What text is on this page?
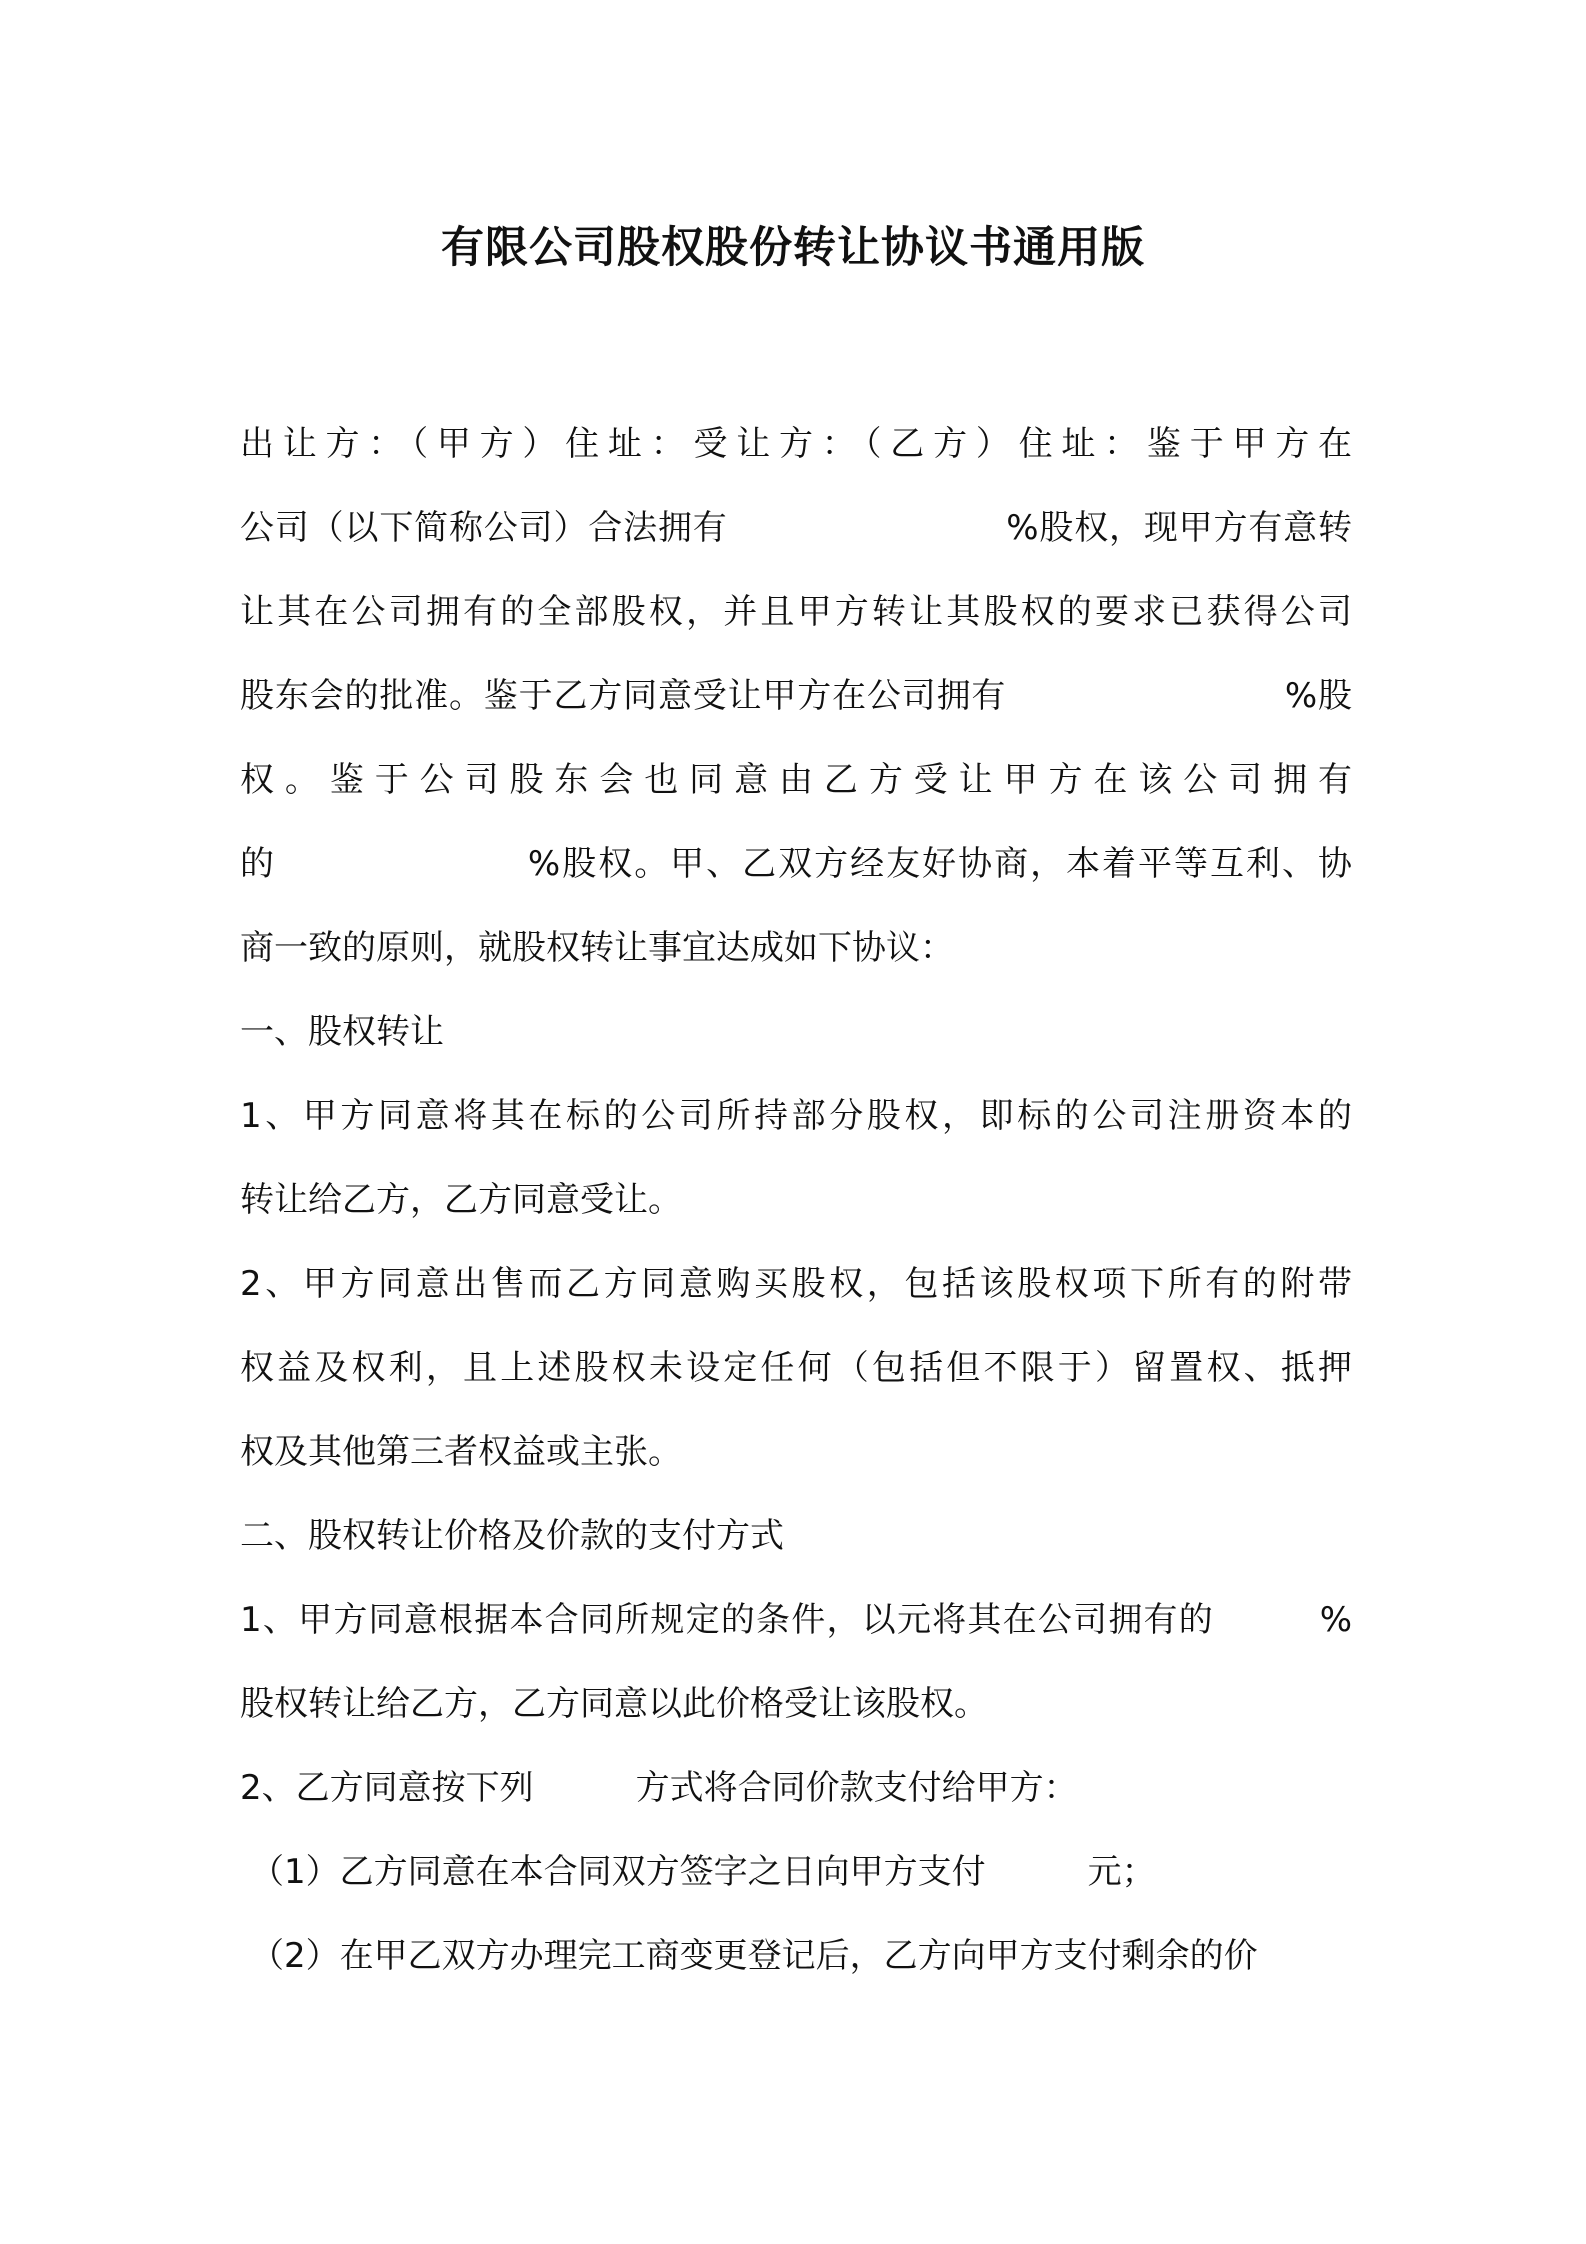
有限公司股权股份转让协议书通用版
出让方：（甲方）住址：受让方：（乙方）住址：鉴于甲方在
公司（以下简称公司）合法拥有　　　　　　　　%股权，现甲方有意转
让其在公司拥有的全部股权，并且甲方转让其股权的要求已获得公司
股东会的批准。鉴于乙方同意受让甲方在公司拥有　　　　　　　　%股
权。鉴于公司股东会也同意由乙方受让甲方在该公司拥有
的　　　　　　　%股权。甲、乙双方经友好协商，本着平等互利、协
商一致的原则，就股权转让事宜达成如下协议：
一、股权转让
1、甲方同意将其在标的公司所持部分股权，即标的公司注册资本的
转让给乙方，乙方同意受让。
2、甲方同意出售而乙方同意购买股权，包括该股权项下所有的附带
权益及权利，且上述股权未设定任何（包括但不限于）留置权、抵押
权及其他第三者权益或主张。
二、股权转让价格及价款的支付方式
1、甲方同意根据本合同所规定的条件，以元将其在公司拥有的　　　%
股权转让给乙方，乙方同意以此价格受让该股权。
2、乙方同意按下列　　　方式将合同价款支付给甲方：
（1）乙方同意在本合同双方签字之日向甲方支付　　　元；
（2）在甲乙双方办理完工商变更登记后，乙方向甲方支付剩余的价
